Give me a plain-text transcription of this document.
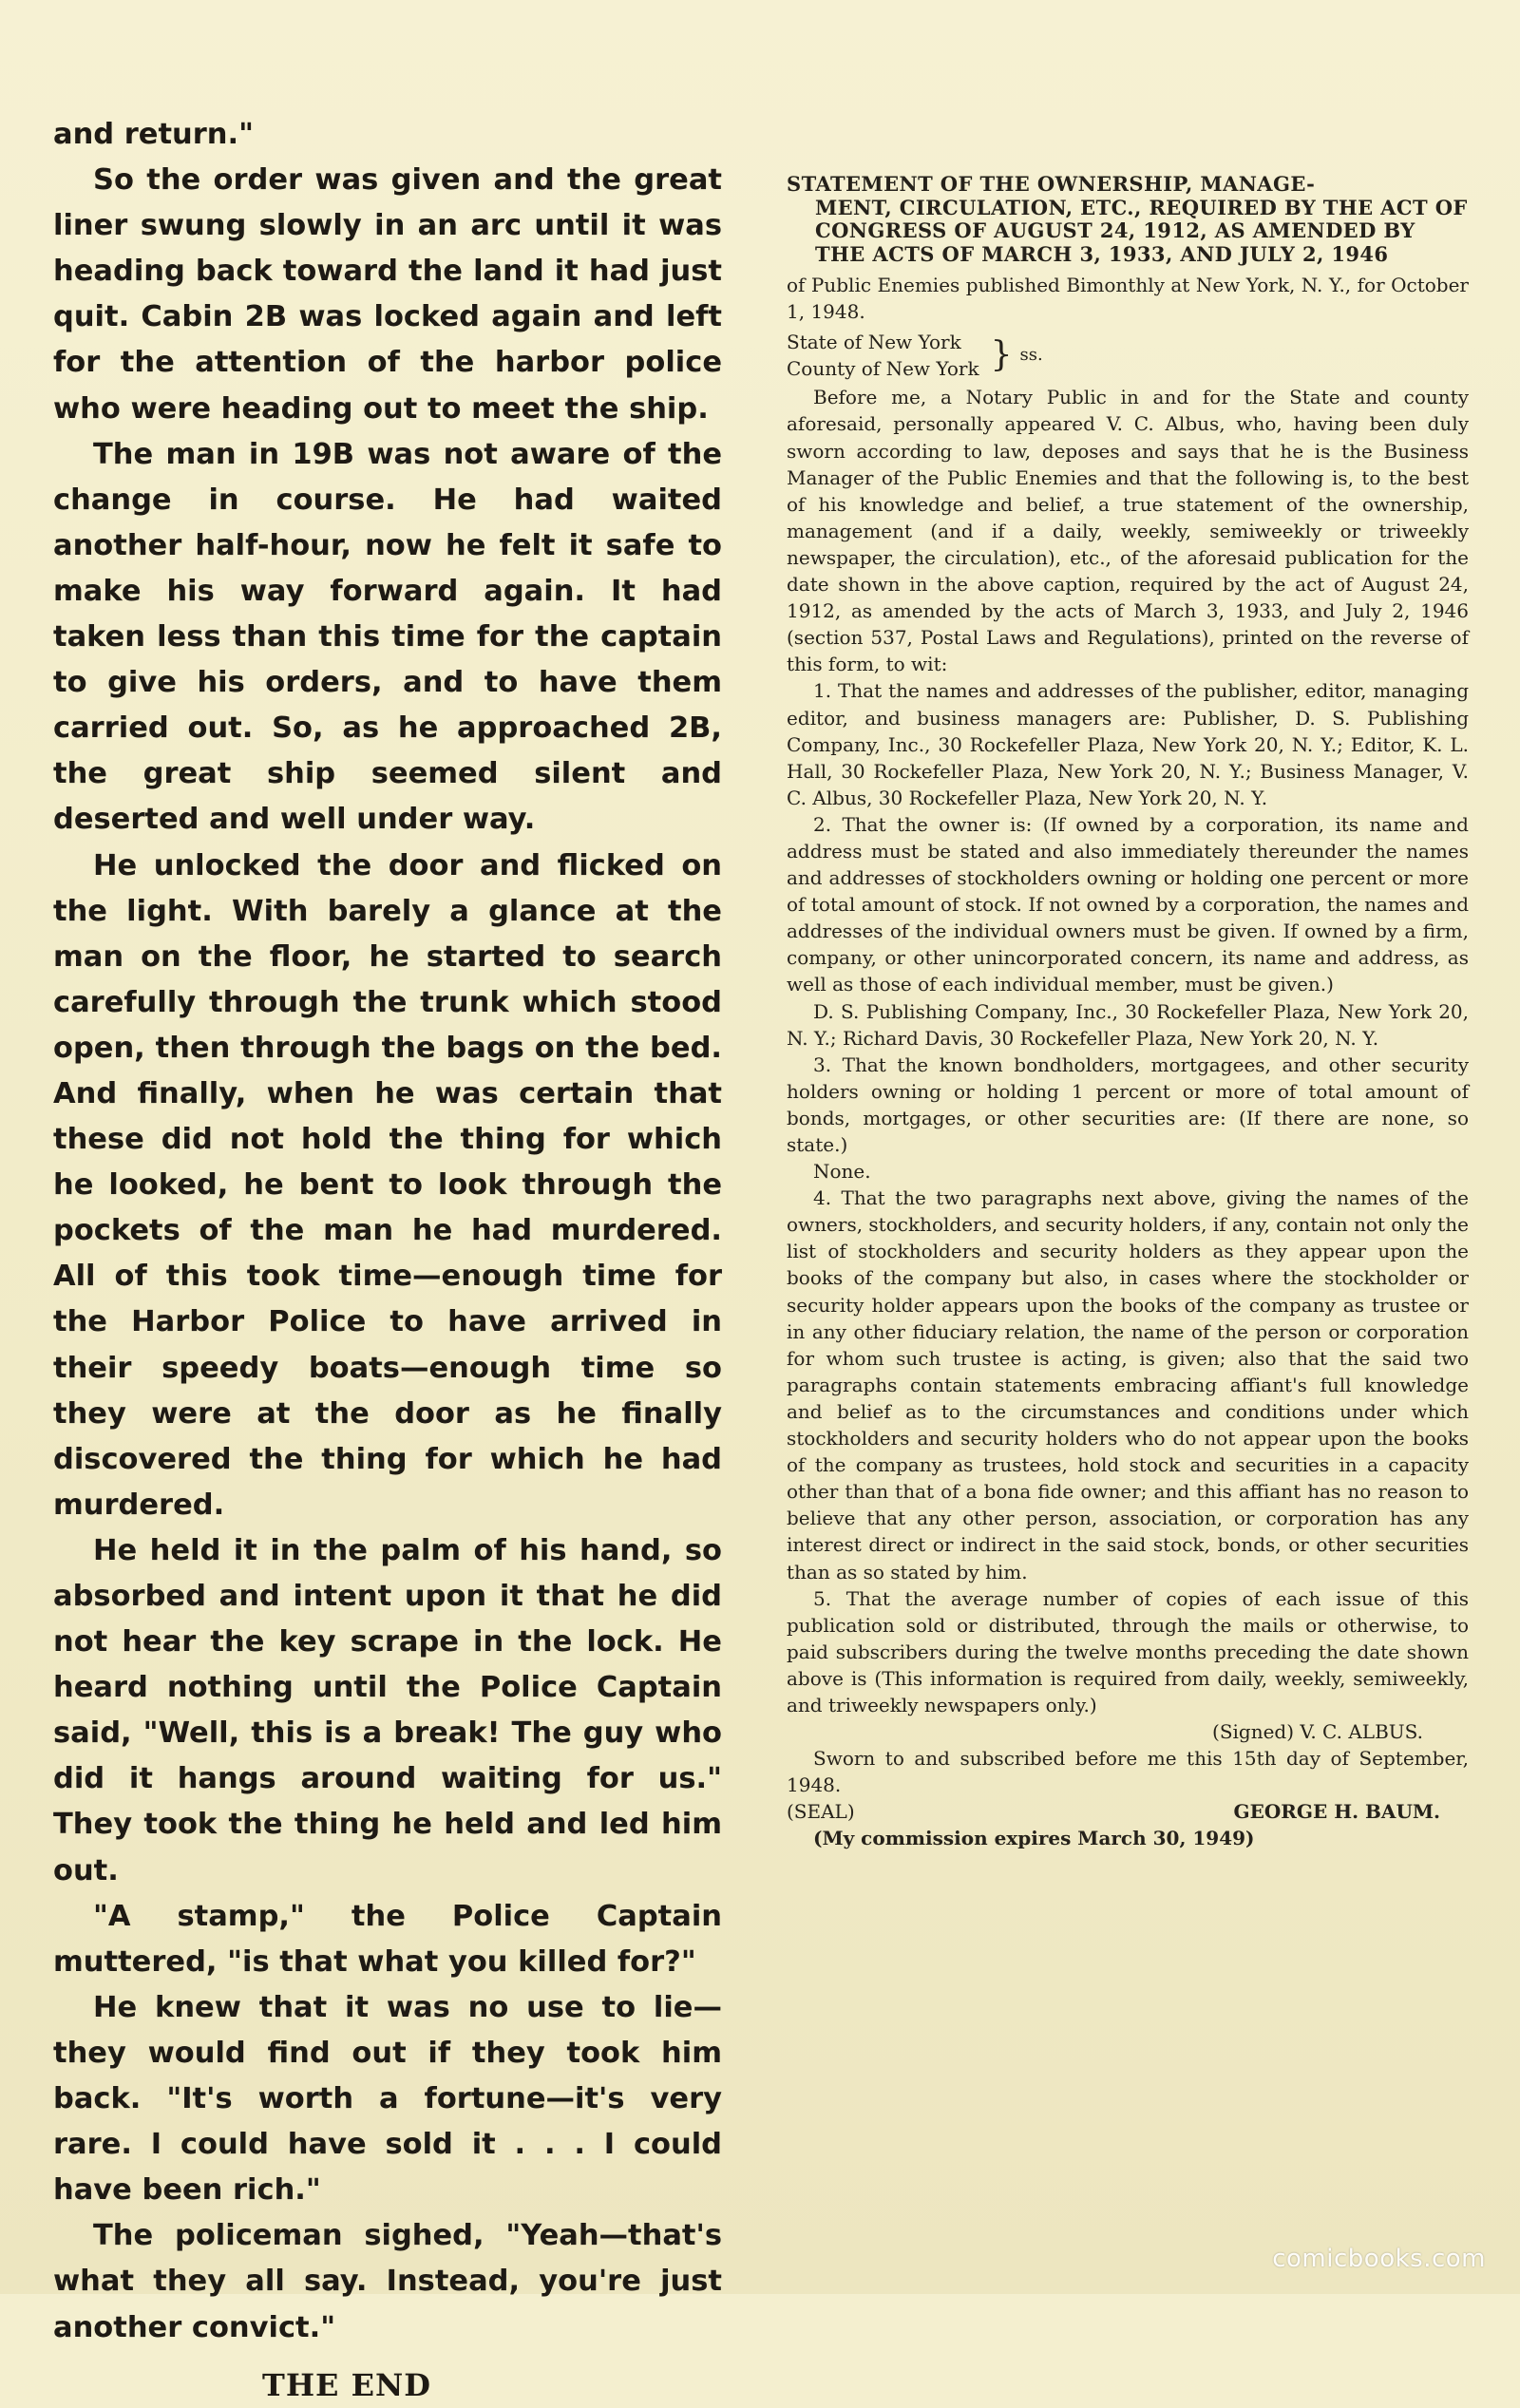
and return."

So the order was given and the great liner swung slowly in an arc until it was heading back toward the land it had just quit. Cabin 2B was locked again and left for the attention of the harbor police who were heading out to meet the ship.

The man in 19B was not aware of the change in course. He had waited another half-hour, now he felt it safe to make his way forward again. It had taken less than this time for the captain to give his orders, and to have them carried out. So, as he approached 2B, the great ship seemed silent and deserted and well under way.

He unlocked the door and flicked on the light. With barely a glance at the man on the floor, he started to search carefully through the trunk which stood open, then through the bags on the bed. And finally, when he was certain that these did not hold the thing for which he looked, he bent to look through the pockets of the man he had murdered. All of this took time—enough time for the Harbor Police to have arrived in their speedy boats—enough time so they were at the door as he finally discovered the thing for which he had murdered.

He held it in the palm of his hand, so absorbed and intent upon it that he did not hear the key scrape in the lock. He heard nothing until the Police Captain said, "Well, this is a break! The guy who did it hangs around waiting for us." They took the thing he held and led him out.

"A stamp," the Police Captain muttered, "is that what you killed for?"

He knew that it was no use to lie—they would find out if they took him back. "It's worth a fortune—it's very rare. I could have sold it . . . I could have been rich."

The policeman sighed, "Yeah—that's what they all say. Instead, you're just another convict."

THE END
STATEMENT OF THE OWNERSHIP, MANAGE-
MENT, CIRCULATION, ETC., REQUIRED BY THE ACT OF CONGRESS OF AUGUST 24, 1912, AS AMENDED BY THE ACTS OF MARCH 3, 1933, AND JULY 2, 1946

of Public Enemies published Bimonthly at New York, N. Y., for October 1, 1948.

State of New York
County of New York } ss.

Before me, a Notary Public in and for the State and county aforesaid, personally appeared V. C. Albus, who, having been duly sworn according to law, deposes and says that he is the Business Manager of the Public Enemies and that the following is, to the best of his knowledge and belief, a true statement of the ownership, management (and if a daily, weekly, semiweekly or triweekly newspaper, the circulation), etc., of the aforesaid publication for the date shown in the above caption, required by the act of August 24, 1912, as amended by the acts of March 3, 1933, and July 2, 1946 (section 537, Postal Laws and Regulations), printed on the reverse of this form, to wit:

1. That the names and addresses of the publisher, editor, managing editor, and business managers are: Publisher, D. S. Publishing Company, Inc., 30 Rockefeller Plaza, New York 20, N. Y.; Editor, K. L. Hall, 30 Rockefeller Plaza, New York 20, N. Y.; Business Manager, V. C. Albus, 30 Rockefeller Plaza, New York 20, N. Y.

2. That the owner is: (If owned by a corporation, its name and address must be stated and also immediately thereunder the names and addresses of stockholders owning or holding one percent or more of total amount of stock. If not owned by a corporation, the names and addresses of the individual owners must be given. If owned by a firm, company, or other unincorporated concern, its name and address, as well as those of each individual member, must be given.)

D. S. Publishing Company, Inc., 30 Rockefeller Plaza, New York 20, N. Y.; Richard Davis, 30 Rockefeller Plaza, New York 20, N. Y.

3. That the known bondholders, mortgagees, and other security holders owning or holding 1 percent or more of total amount of bonds, mortgages, or other securities are: (If there are none, so state.)

None.

4. That the two paragraphs next above, giving the names of the owners, stockholders, and security holders, if any, contain not only the list of stockholders and security holders as they appear upon the books of the company but also, in cases where the stockholder or security holder appears upon the books of the company as trustee or in any other fiduciary relation, the name of the person or corporation for whom such trustee is acting, is given; also that the said two paragraphs contain statements embracing affiant's full knowledge and belief as to the circumstances and conditions under which stockholders and security holders who do not appear upon the books of the company as trustees, hold stock and securities in a capacity other than that of a bona fide owner; and this affiant has no reason to believe that any other person, association, or corporation has any interest direct or indirect in the said stock, bonds, or other securities than as so stated by him.

5. That the average number of copies of each issue of this publication sold or distributed, through the mails or otherwise, to paid subscribers during the twelve months preceding the date shown above is (This information is required from daily, weekly, semiweekly, and triweekly newspapers only.)

(Signed) V. C. ALBUS.

Sworn to and subscribed before me this 15th day of September, 1948.

(SEAL)	GEORGE H. BAUM.

(My commission expires March 30, 1949)

comicbooks.com
